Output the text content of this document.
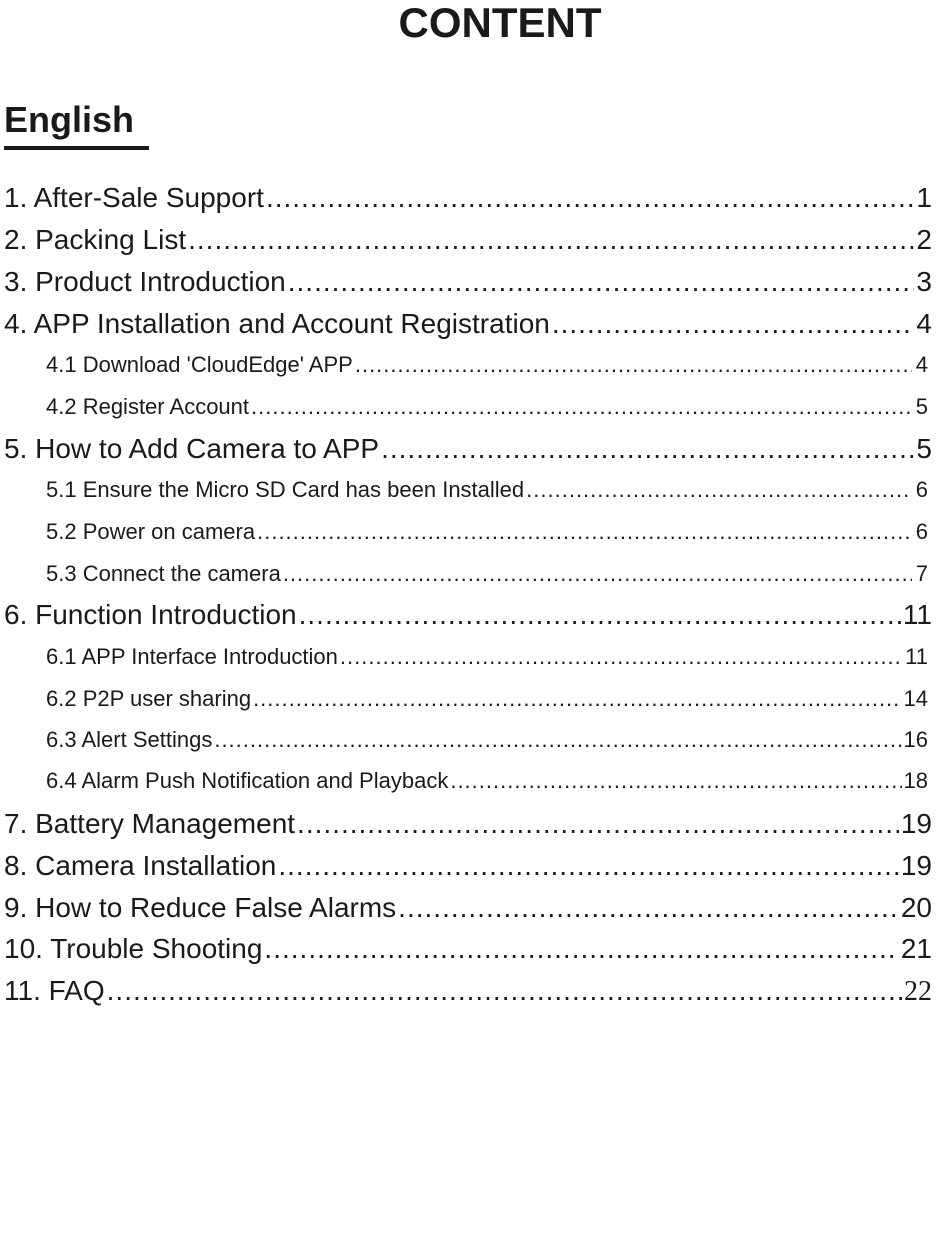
CONTENT
English
1. After-Sale Support .....	1
2. Packing List .....	2
3. Product Introduction .....	3
4. APP Installation and Account Registration .....	4
4.1 Download 'CloudEdge' APP .....	4
4.2 Register Account .....	5
5. How to Add Camera to APP .....	5
5.1 Ensure the Micro SD Card has been Installed .....	6
5.2 Power on camera .....	6
5.3 Connect the camera .....	7
6. Function Introduction .....	11
6.1 APP Interface Introduction .....	11
6.2 P2P user sharing .....	14
6.3 Alert Settings .....	16
6.4 Alarm Push Notification and Playback .....	18
7. Battery Management .....	19
8. Camera Installation .....	19
9. How to Reduce False Alarms .....	20
10. Trouble Shooting .....	21
11. FAQ .....	22
